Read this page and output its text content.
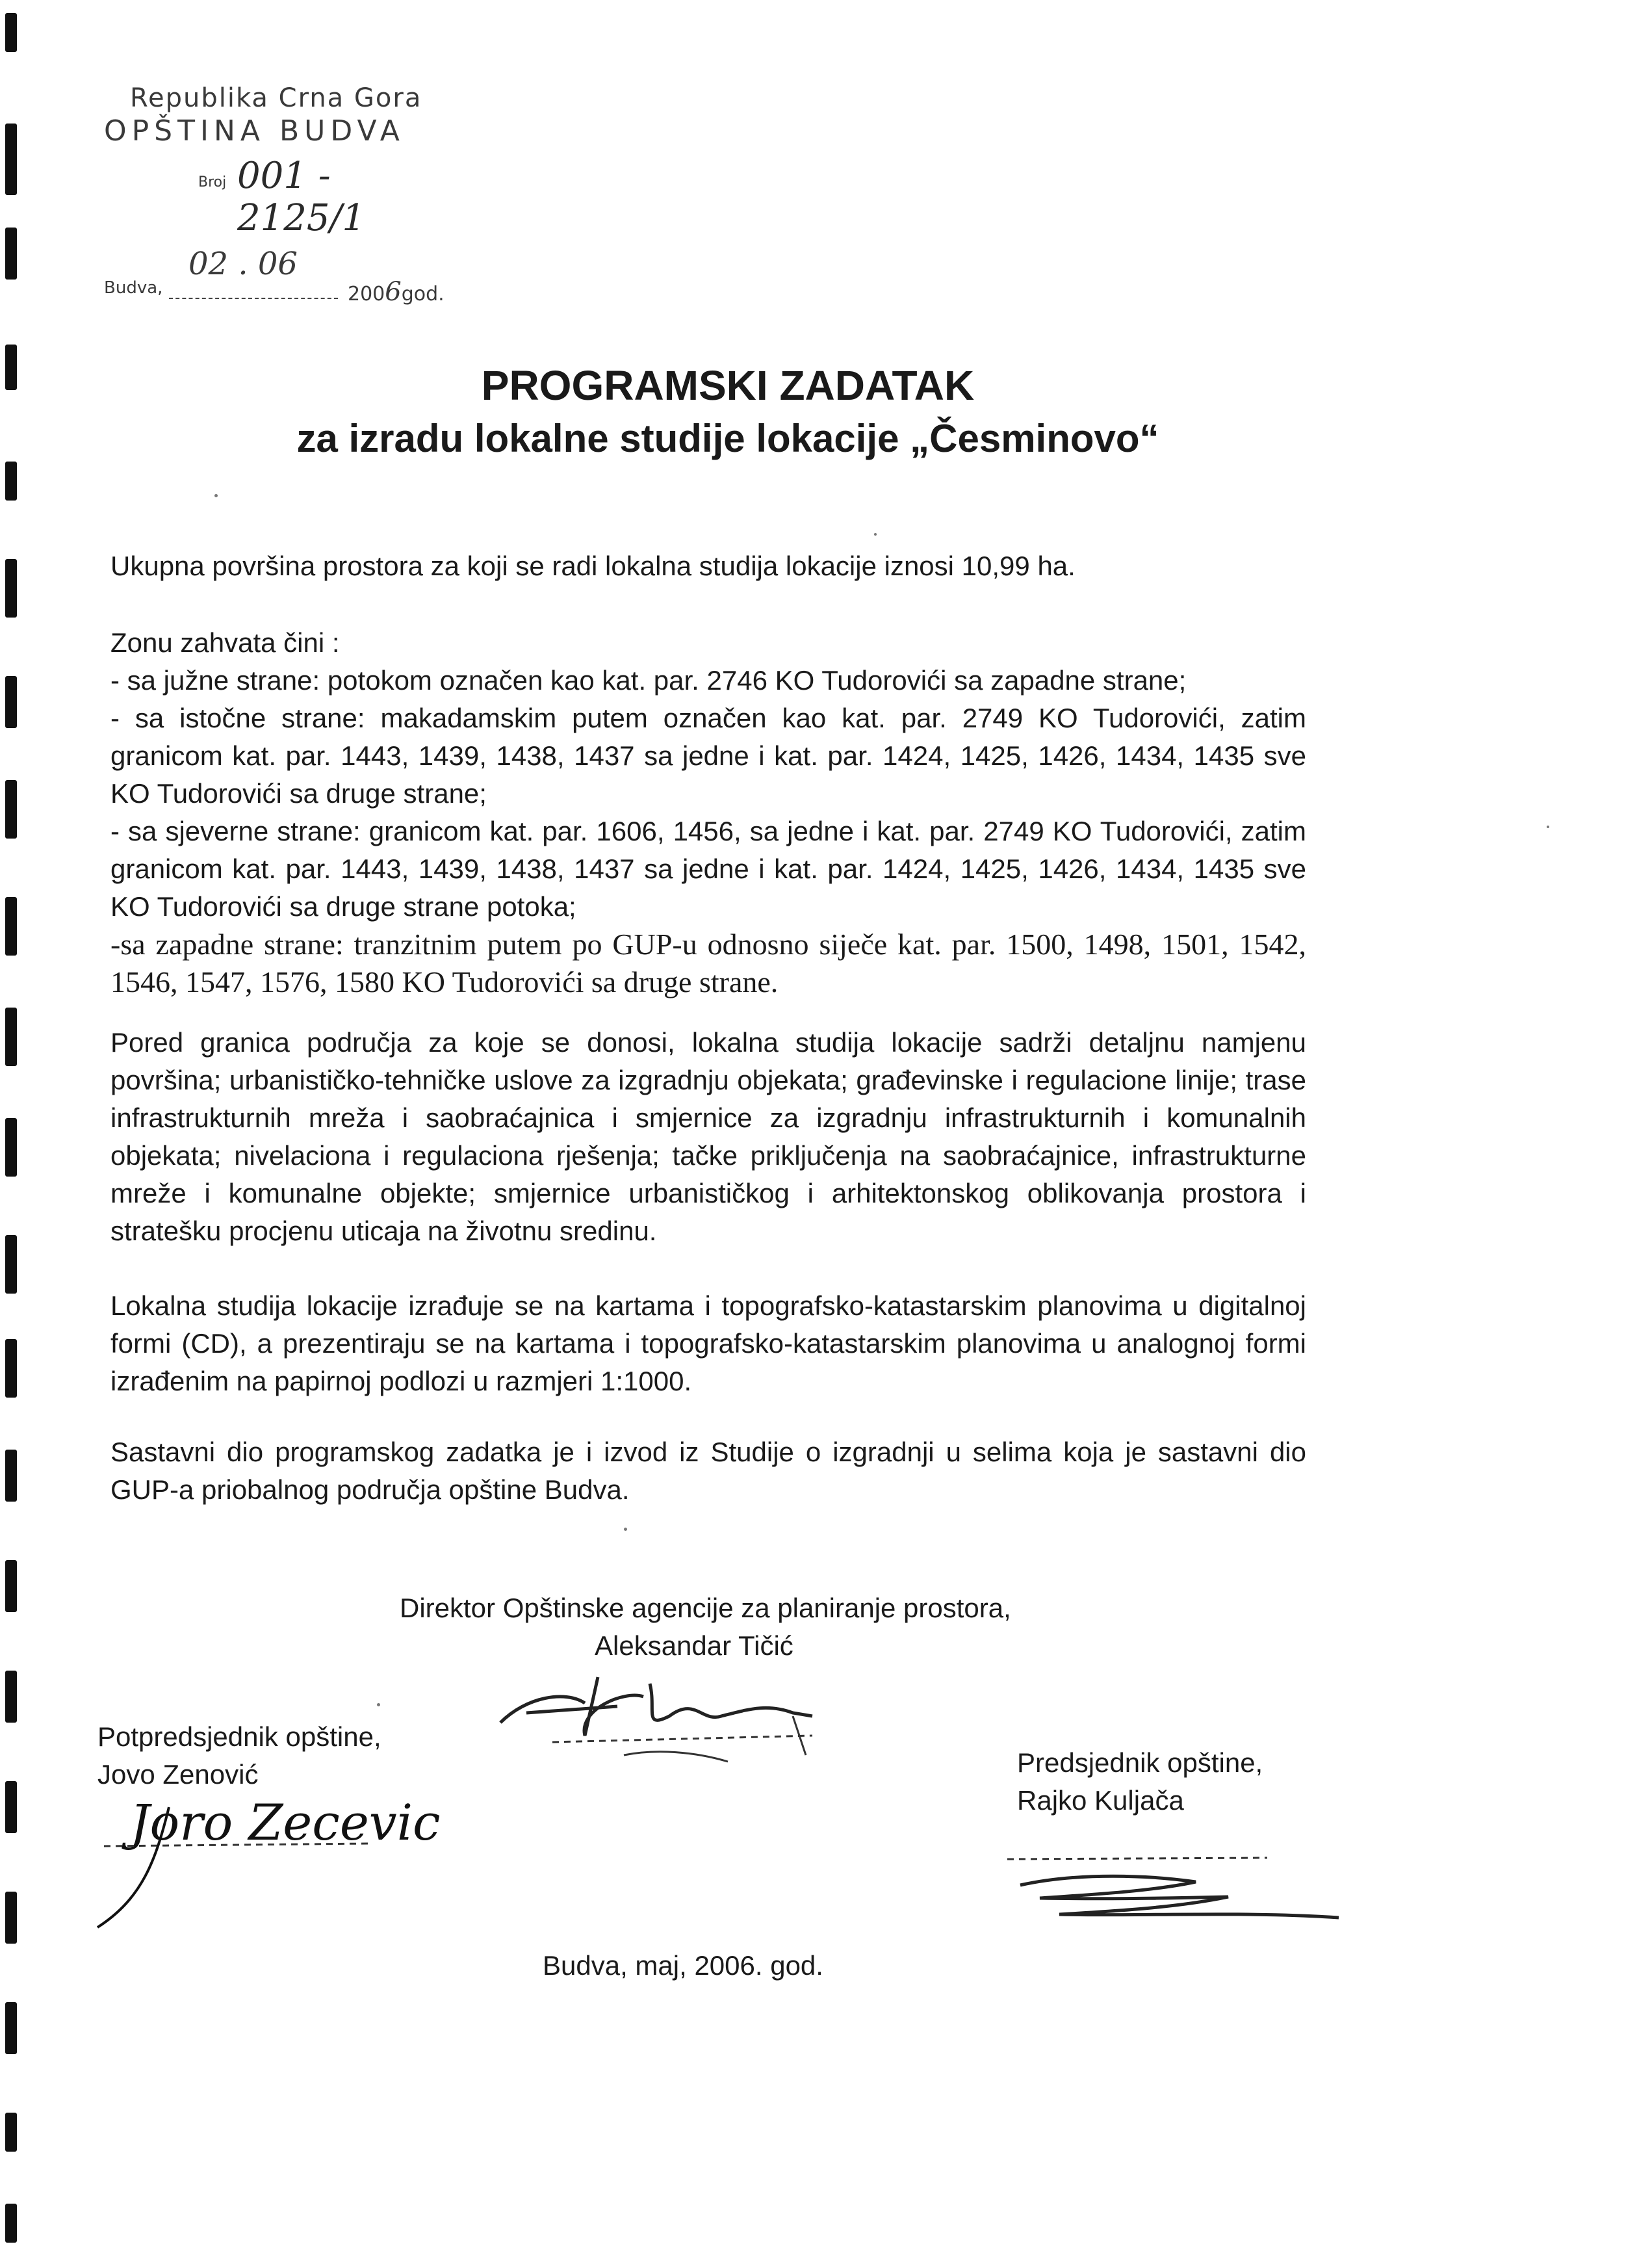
Republika Crna Gora
OPŠTINA BUDVA
Broj 001 - 2125/1
02 . 06
Budva,	2006god.
PROGRAMSKI ZADATAK
za izradu lokalne studije lokacije „Česminovo“

Ukupna površina prostora za koji se radi lokalna studija lokacije iznosi 10,99 ha.

Zonu zahvata čini :

- sa južne strane: potokom označen kao kat. par. 2746 KO Tudorovići sa zapadne strane;

- sa istočne strane: makadamskim putem označen kao kat. par. 2749 KO Tudorovići, zatim granicom kat. par. 1443, 1439, 1438, 1437 sa jedne i kat. par. 1424, 1425, 1426, 1434, 1435 sve KO Tudorovići sa druge strane;

- sa sjeverne strane: granicom kat. par. 1606, 1456, sa jedne i kat. par. 2749 KO Tudorovići, zatim granicom kat. par. 1443, 1439, 1438, 1437 sa jedne i kat. par. 1424, 1425, 1426, 1434, 1435 sve KO Tudorovići sa druge strane potoka;

-sa zapadne strane: tranzitnim putem po GUP-u odnosno siječe kat. par. 1500, 1498, 1501, 1542, 1546, 1547, 1576, 1580 KO Tudorovići sa druge strane.

Pored granica područja za koje se donosi, lokalna studija lokacije sadrži detaljnu namjenu površina; urbanističko-tehničke uslove za izgradnju objekata; građevinske i regulacione linije; trase infrastrukturnih mreža i saobraćajnica i smjernice za izgradnju infrastrukturnih i komunalnih objekata; nivelaciona i regulaciona rješenja; tačke priključenja na saobraćajnice, infrastrukturne mreže i komunalne objekte; smjernice urbanističkog i arhitektonskog oblikovanja prostora i stratešku procjenu uticaja na životnu sredinu.

Lokalna studija lokacije izrađuje se na kartama i topografsko-katastarskim planovima u digitalnoj formi (CD), a prezentiraju se na kartama i topografsko-katastarskim planovima u analognoj formi izrađenim na papirnoj podlozi u razmjeri 1:1000.

Sastavni dio programskog zadatka je i izvod iz Studije o izgradnji u selima koja je sastavni dio GUP-a priobalnog područja opštine Budva.

Direktor Opštinske agencije za planiranje prostora,
Aleksandar Tičić
Potpredsjednik opštine,
Jovo Zenović
Joro Zecevic
Predsjednik opštine,
Rajko Kuljača
Budva, maj, 2006. god.
